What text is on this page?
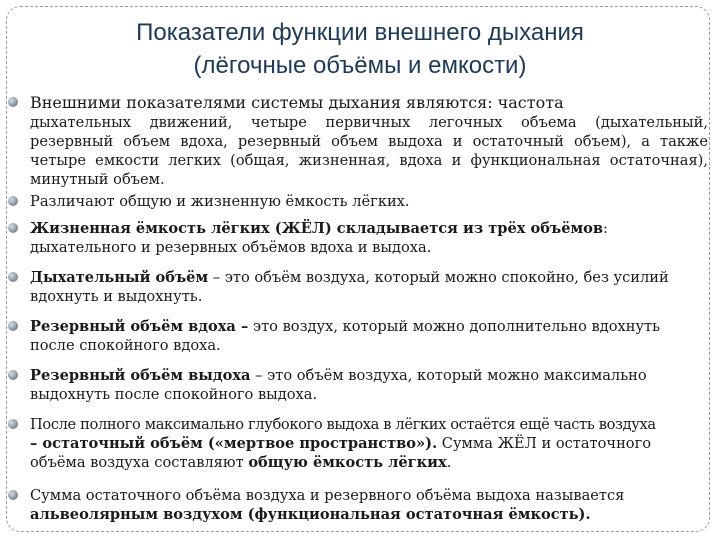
Показатели функции внешнего дыхания
(лёгочные объёмы и емкости)
Внешними показателями системы дыхания являются: частота
дыхательных движений, четыре первичных легочных объема (дыхательный, резервный объем вдоха, резервный объем выдоха и остаточный объем), а также четыре емкости легких (общая, жизненная, вдоха и функциональная остаточная), минутный объем.
Различают общую и жизненную ёмкость лёгких.
Жизненная ёмкость лёгких (ЖЁЛ) складывается из трёх объёмов:
дыхательного и резервных объёмов вдоха и выдоха.
Дыхательный объём – это объём воздуха, который можно спокойно, без усилий
вдохнуть и выдохнуть.
Резервный объём вдоха – это воздух, который можно дополнительно вдохнуть
после спокойного вдоха.
Резервный объём выдоха – это объём воздуха, который можно максимально
выдохнуть после спокойного выдоха.
После полного максимально глубокого выдоха в лёгких остаётся ещё часть воздуха
– остаточный объём («мертвое пространство»). Сумма ЖЁЛ и остаточного
объёма воздуха составляют общую ёмкость лёгких.
Сумма остаточного объёма воздуха и резервного объёма выдоха называется
альвеолярным воздухом (функциональная остаточная ёмкость).
